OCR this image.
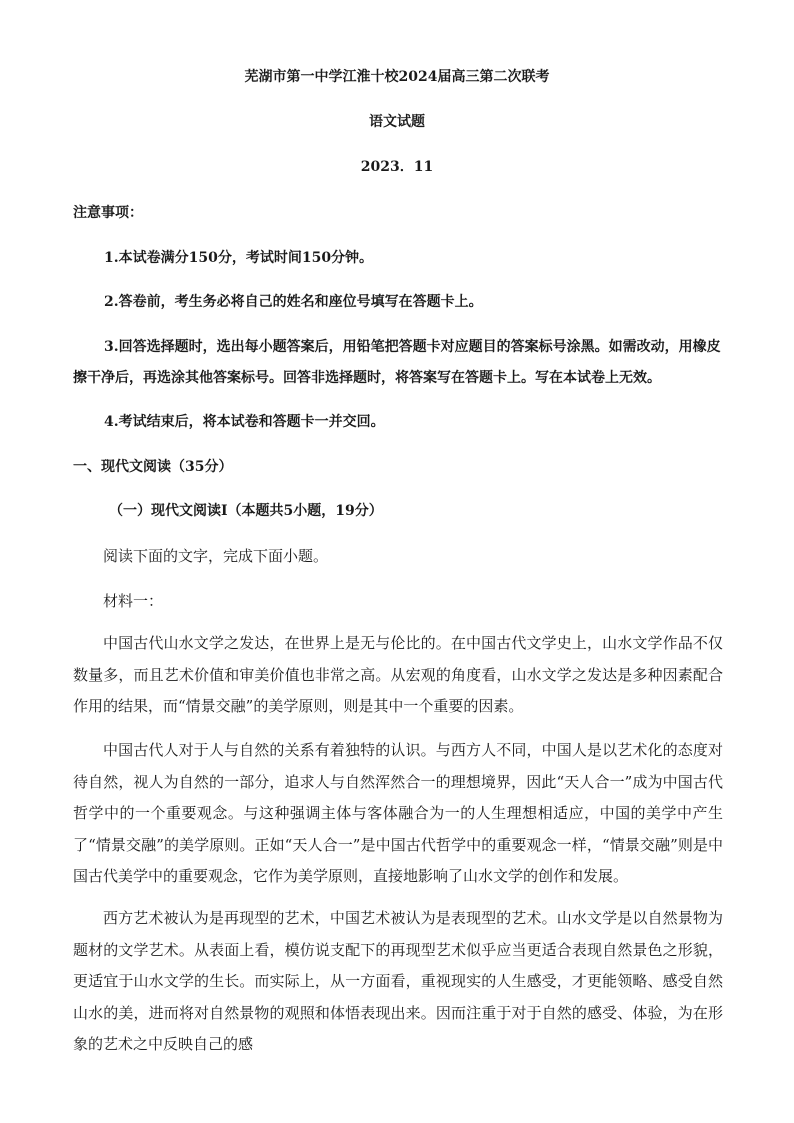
芜湖市第一中学江淮十校2024届高三第二次联考
语文试题
2023．11
注意事项：
1.本试卷满分150分，考试时间150分钟。
2.答卷前，考生务必将自己的姓名和座位号填写在答题卡上。
3.回答选择题时，选出每小题答案后，用铅笔把答题卡对应题目的答案标号涂黑。如需改动，用橡皮
擦干净后，再选涂其他答案标号。回答非选择题时，将答案写在答题卡上。写在本试卷上无效。
4.考试结束后，将本试卷和答题卡一并交回。
一、现代文阅读（35分）
（一）现代文阅读Ⅰ（本题共5小题，19分）
阅读下面的文字，完成下面小题。
材料一：

中国古代山水文学之发达，在世界上是无与伦比的。在中国古代文学史上，山水文学作品不仅数量多，而且艺术价值和审美价值也非常之高。从宏观的角度看，山水文学之发达是多种因素配合作用的结果，而“情景交融”的美学原则，则是其中一个重要的因素。

中国古代人对于人与自然的关系有着独特的认识。与西方人不同，中国人是以艺术化的态度对待自然，视人为自然的一部分，追求人与自然浑然合一的理想境界，因此“天人合一”成为中国古代哲学中的一个重要观念。与这种强调主体与客体融合为一的人生理想相适应，中国的美学中产生了“情景交融”的美学原则。正如“天人合一”是中国古代哲学中的重要观念一样，“情景交融”则是中国古代美学中的重要观念，它作为美学原则，直接地影响了山水文学的创作和发展。

西方艺术被认为是再现型的艺术，中国艺术被认为是表现型的艺术。山水文学是以自然景物为题材的文学艺术。从表面上看，模仿说支配下的再现型艺术似乎应当更适合表现自然景色之形貌，更适宜于山水文学的生长。而实际上，从一方面看，重视现实的人生感受，才更能领略、感受自然山水的美，进而将对自然景物的观照和体悟表现出来。因而注重于对于自然的感受、体验，为在形象的艺术之中反映自己的感
